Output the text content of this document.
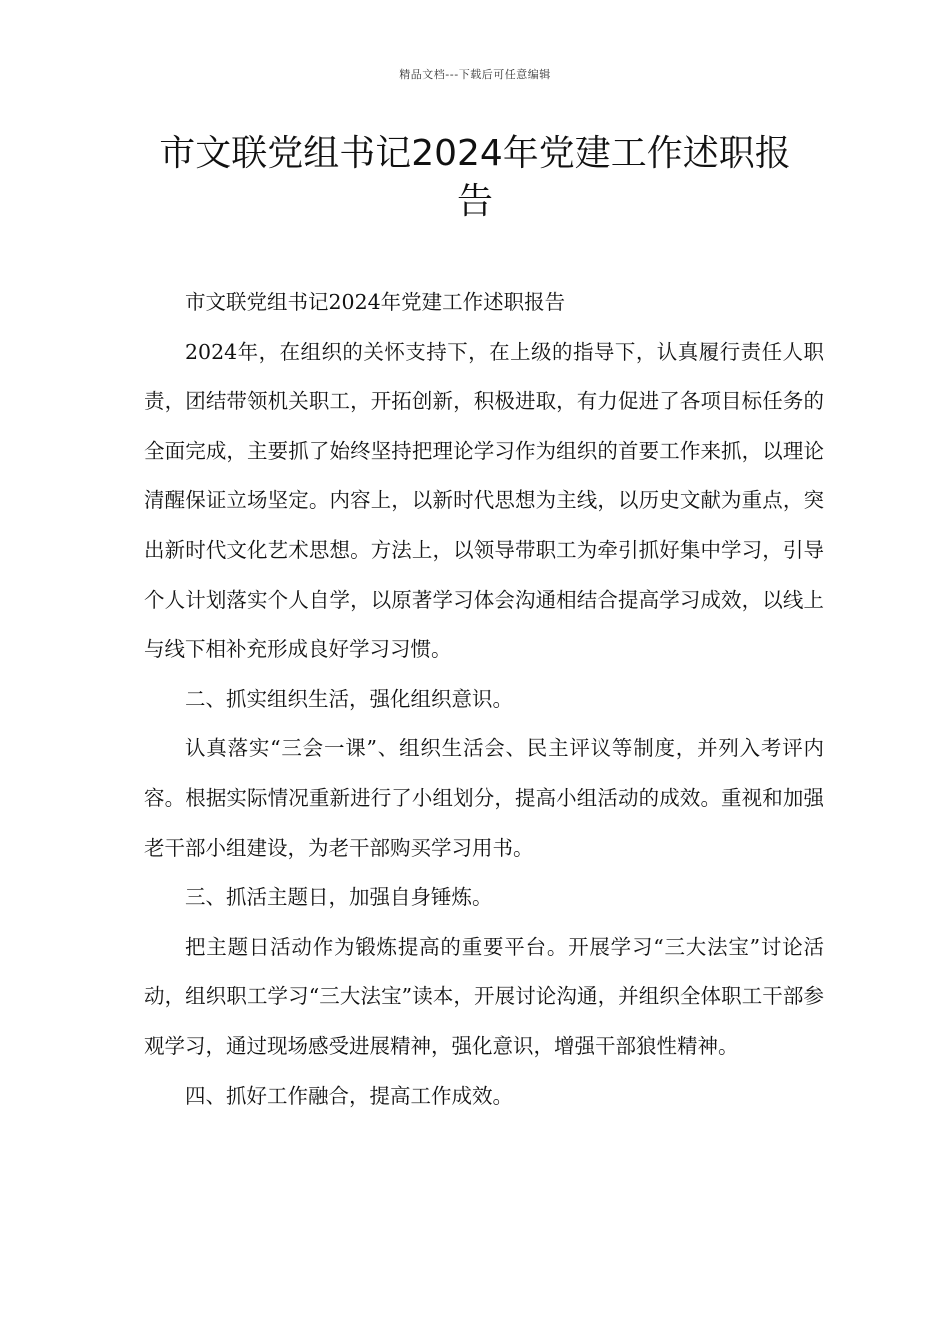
精品文档---下载后可任意编辑
市文联党组书记2024年党建工作述职报告

市文联党组书记2024年党建工作述职报告

2024年，在组织的关怀支持下，在上级的指导下，认真履行责任人职责，团结带领机关职工，开拓创新，积极进取，有力促进了各项目标任务的全面完成，主要抓了始终坚持把理论学习作为组织的首要工作来抓，以理论清醒保证立场坚定。内容上，以新时代思想为主线，以历史文献为重点，突出新时代文化艺术思想。方法上，以领导带职工为牵引抓好集中学习，引导个人计划落实个人自学，以原著学习体会沟通相结合提高学习成效，以线上与线下相补充形成良好学习习惯。

二、抓实组织生活，强化组织意识。

认真落实“三会一课”、组织生活会、民主评议等制度，并列入考评内容。根据实际情况重新进行了小组划分，提高小组活动的成效。重视和加强老干部小组建设，为老干部购买学习用书。

三、抓活主题日，加强自身锤炼。

把主题日活动作为锻炼提高的重要平台。开展学习“三大法宝”讨论活动，组织职工学习“三大法宝”读本，开展讨论沟通，并组织全体职工干部参观学习，通过现场感受进展精神，强化意识，增强干部狼性精神。

四、抓好工作融合，提高工作成效。
